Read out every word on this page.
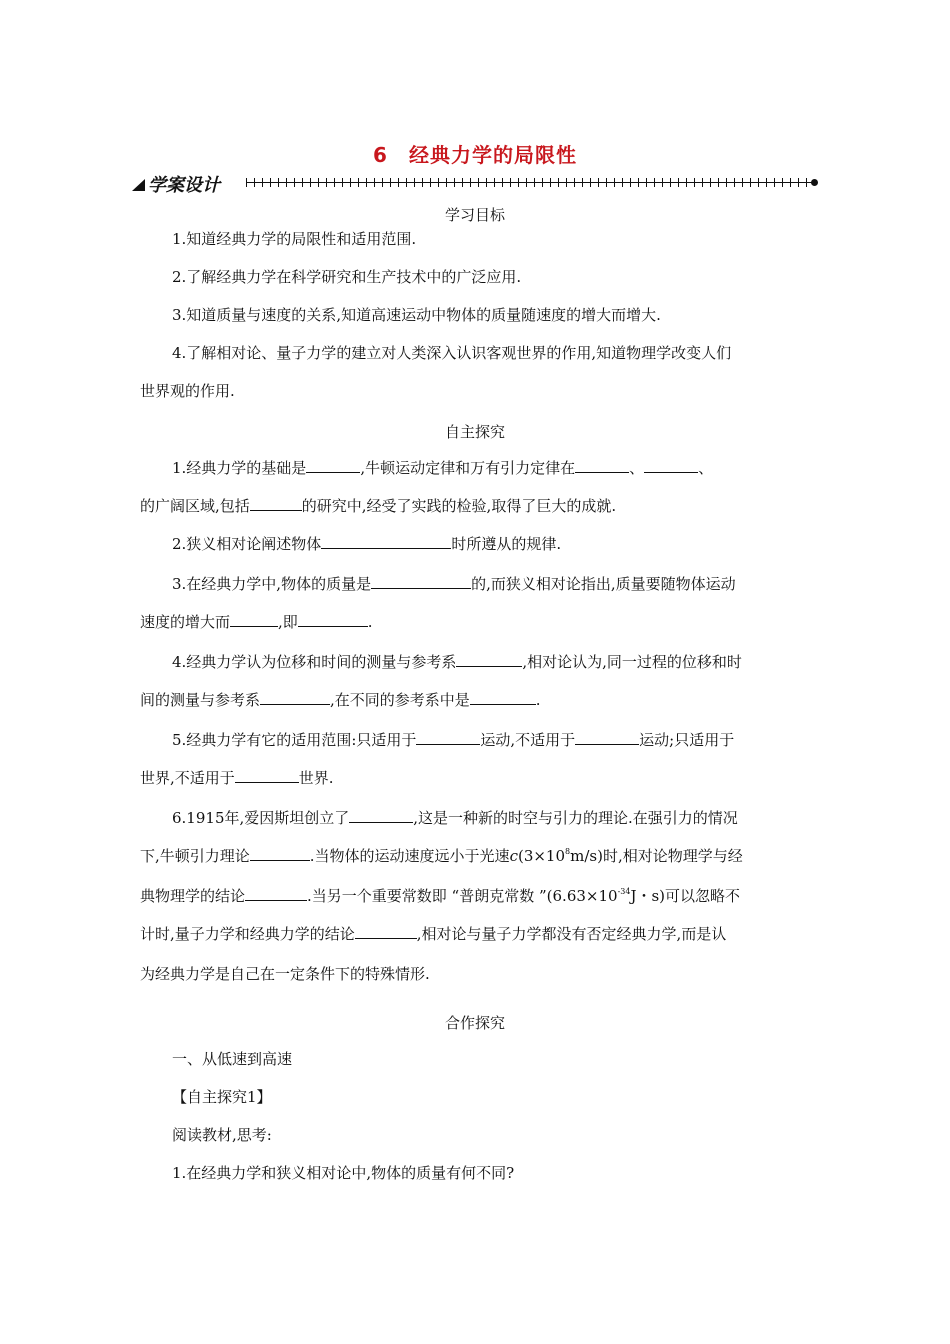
6　经典力学的局限性
学案设计
学习目标

1.知道经典力学的局限性和适用范围.

2.了解经典力学在科学研究和生产技术中的广泛应用.

3.知道质量与速度的关系,知道高速运动中物体的质量随速度的增大而增大.

4.了解相对论、量子力学的建立对人类深入认识客观世界的作用,知道物理学改变人们

世界观的作用.

自主探究

1.经典力学的基础是	,牛顿运动定律和万有引力定律在	、	、

的广阔区域,包括	的研究中,经受了实践的检验,取得了巨大的成就.

2.狭义相对论阐述物体	时所遵从的规律.

3.在经典力学中,物体的质量是	的,而狭义相对论指出,质量要随物体运动

速度的增大而	,即	.

4.经典力学认为位移和时间的测量与参考系	,相对论认为,同一过程的位移和时

间的测量与参考系	,在不同的参考系中是	.

5.经典力学有它的适用范围:只适用于	运动,不适用于	运动;只适用于

世界,不适用于	世界.

6.1915年,爱因斯坦创立了	,这是一种新的时空与引力的理论.在强引力的情况

下,牛顿引力理论	.当物体的运动速度远小于光速$c(3\times 10^8m/s)$时,相对论物理学与经

典物理学的结论	.当另一个重要常数即 “普朗克常数 $”(6.63\times 10^{-34}J$・s)可以忽略不

计时,量子力学和经典力学的结论	,相对论与量子力学都没有否定经典力学,而是认

为经典力学是自己在一定条件下的特殊情形.

合作探究

一、从低速到高速

【自主探究1】

阅读教材,思考:

1.在经典力学和狭义相对论中,物体的质量有何不同?
